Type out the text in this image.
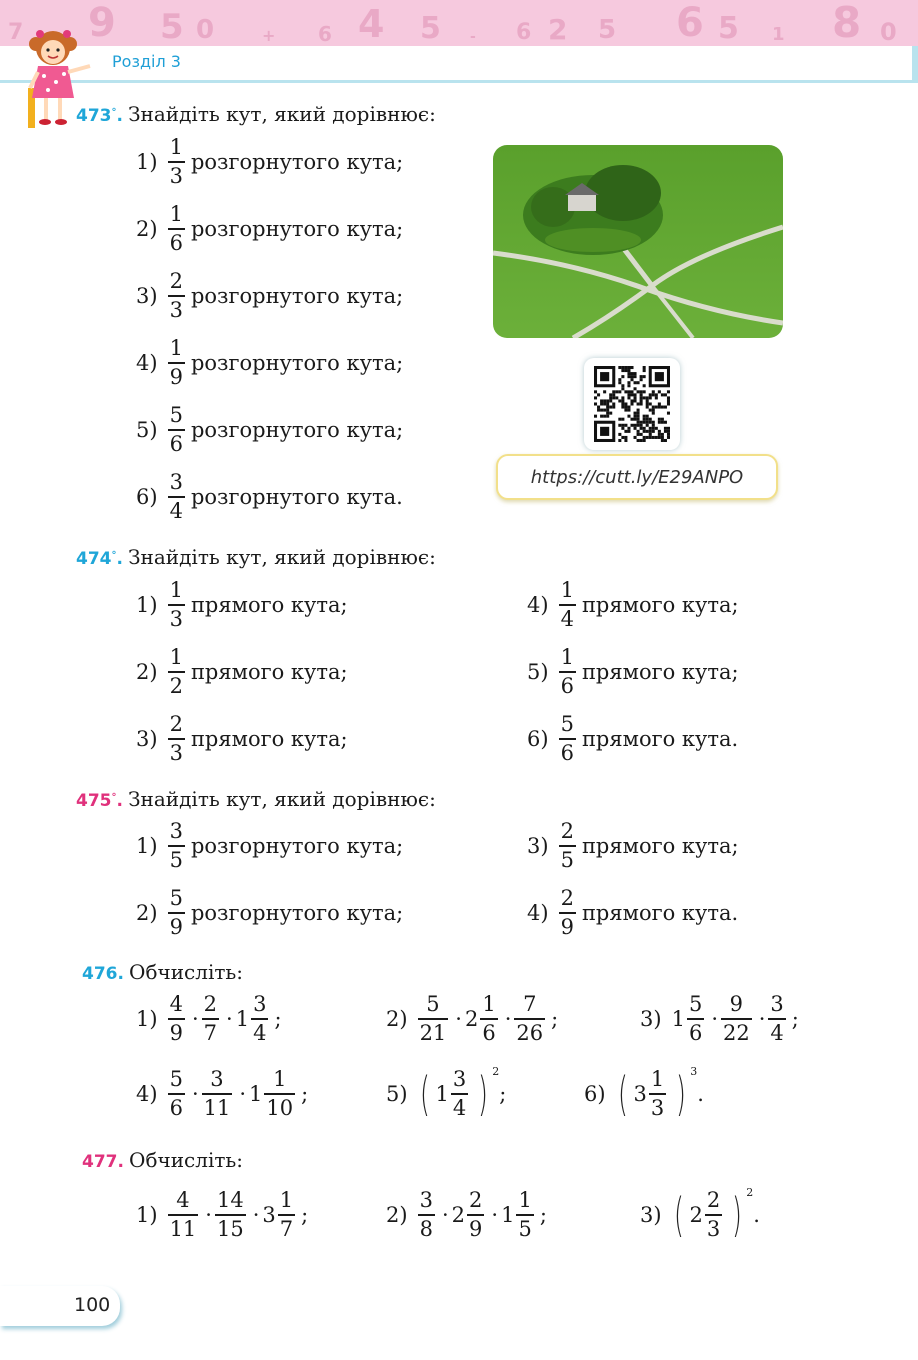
7 9 5 0	+ 6 4 5 - 6 2 5 6 5 1 8 0
Розділ 3
473°. Знайдіть кут, який дорівнює:
$1) \frac{1}{3}$ розгорнутого кута;
$2) \frac{1}{6}$ розгорнутого кута;
$3) \frac{2}{3}$ розгорнутого кута;
$4) \frac{1}{9}$ розгорнутого кута;
$5) \frac{5}{6}$ розгорнутого кута;
$6) \frac{3}{4}$ розгорнутого кута.
https://cutt.ly/E29ANPO
474°. Знайдіть кут, який дорівнює:
$1) \frac{1}{3}$ прямого кута;
$2) \frac{1}{2}$ прямого кута;
$3) \frac{2}{3}$ прямого кута;
$4) \frac{1}{4}$ прямого кута;
$5) \frac{1}{6}$ прямого кута;
$6) \frac{5}{6}$ прямого кута.
475°. Знайдіть кут, який дорівнює:
$1) \frac{3}{5}$ розгорнутого кута;
$2) \frac{5}{9}$ розгорнутого кута;
$3) \frac{2}{5}$ прямого кута;
$4) \frac{2}{9}$ прямого кута.
476. Обчисліть:
$1) \frac{4}{9} \cdot \frac{2}{7} \cdot 1 \frac{3}{4}$ ;	$2) \frac{5}{21} \cdot 2 \frac{1}{6} \cdot \frac{7}{26}$ ;	3) $1 \frac{5}{6} \cdot \frac{9}{22} \cdot \frac{3}{4}$ ;
$4) \frac{5}{6} \cdot \frac{3}{11} \cdot 1 \frac{1}{10}$ ;	5) ( $1 \frac{3}{4}$ ) 2
;	6) ( $3 \frac{1}{3}$ ) 3
.
477. Обчисліть:
$1) \frac{4}{11} \cdot \frac{14}{15} \cdot 3 \frac{1}{7}$ ;	$2) \frac{3}{8} \cdot 2 \frac{2}{9} \cdot 1 \frac{1}{5}$ ;	3) ( $2 \frac{2}{3}$ ) 2
.
100
